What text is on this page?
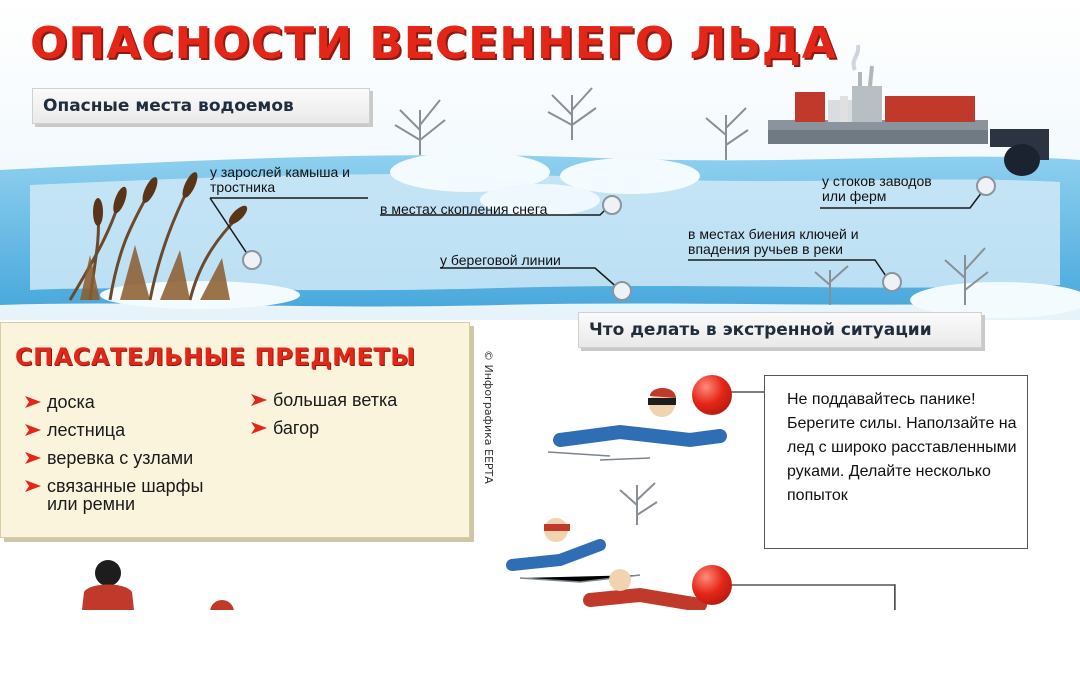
ОПАСНОСТИ ВЕСЕННЕГО ЛЬДА
Опасные места водоемов
у зарослей камыша и
тростника
в местах скопления снега
у береговой линии
у стоков заводов
или ферм
в местах биения ключей и
впадения ручьев в реки
Что делать в экстренной ситуации
СПАСАТЕЛЬНЫЕ ПРЕДМЕТЫ
доска
лестница
веревка с узлами
связанные шарфы
или ремни
большая ветка
багор	© Инфографика ЕЕРТА	Не поддавайтесь панике! Берегите силы. Наползайте на лед с широко расставленными руками. Делайте несколько попыток
